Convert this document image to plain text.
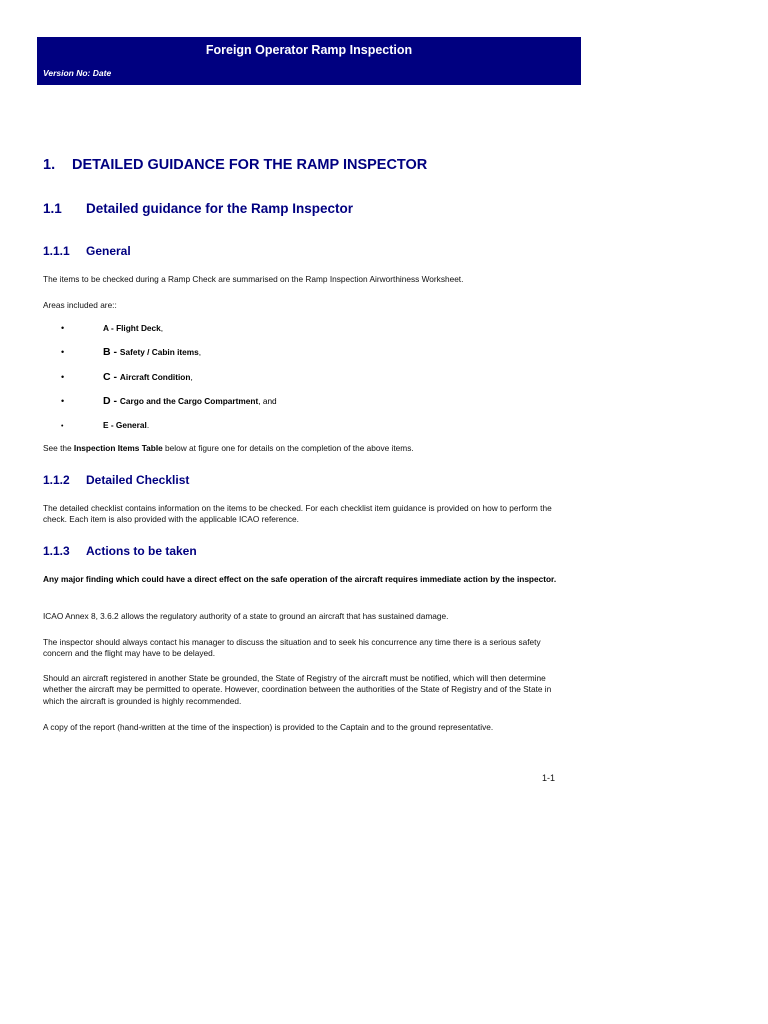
Foreign Operator Ramp Inspection
Version No: Date
1. DETAILED GUIDANCE FOR THE RAMP INSPECTOR
1.1 Detailed guidance for the Ramp Inspector
1.1.1 General
The items to be checked during a Ramp Check are summarised on the Ramp Inspection Airworthiness Worksheet.
Areas included are::
•	A - Flight Deck,
•	B - Safety / Cabin items,
•	C - Aircraft Condition,
•	D - Cargo and the Cargo Compartment, and
•	E - General.
See the Inspection Items Table below at figure one for details on the completion of the above items.
1.1.2 Detailed Checklist
The detailed checklist contains information on the items to be checked. For each checklist item guidance is provided on how to perform the check. Each item is also provided with the applicable ICAO reference.
1.1.3 Actions to be taken
Any major finding which could have a direct effect on the safe operation of the aircraft requires immediate action by the inspector.
ICAO Annex 8, 3.6.2 allows the regulatory authority of a state to ground an aircraft that has sustained damage.
The inspector should always contact his manager to discuss the situation and to seek his concurrence any time there is a serious safety concern and the flight may have to be delayed.
Should an aircraft registered in another State be grounded, the State of Registry of the aircraft must be notified, which will then determine whether the aircraft may be permitted to operate. However, coordination between the authorities of the State of Registry and of the State in which the aircraft is grounded is highly recommended.
A copy of the report (hand-written at the time of the inspection) is provided to the Captain and to the ground representative.
1-1
